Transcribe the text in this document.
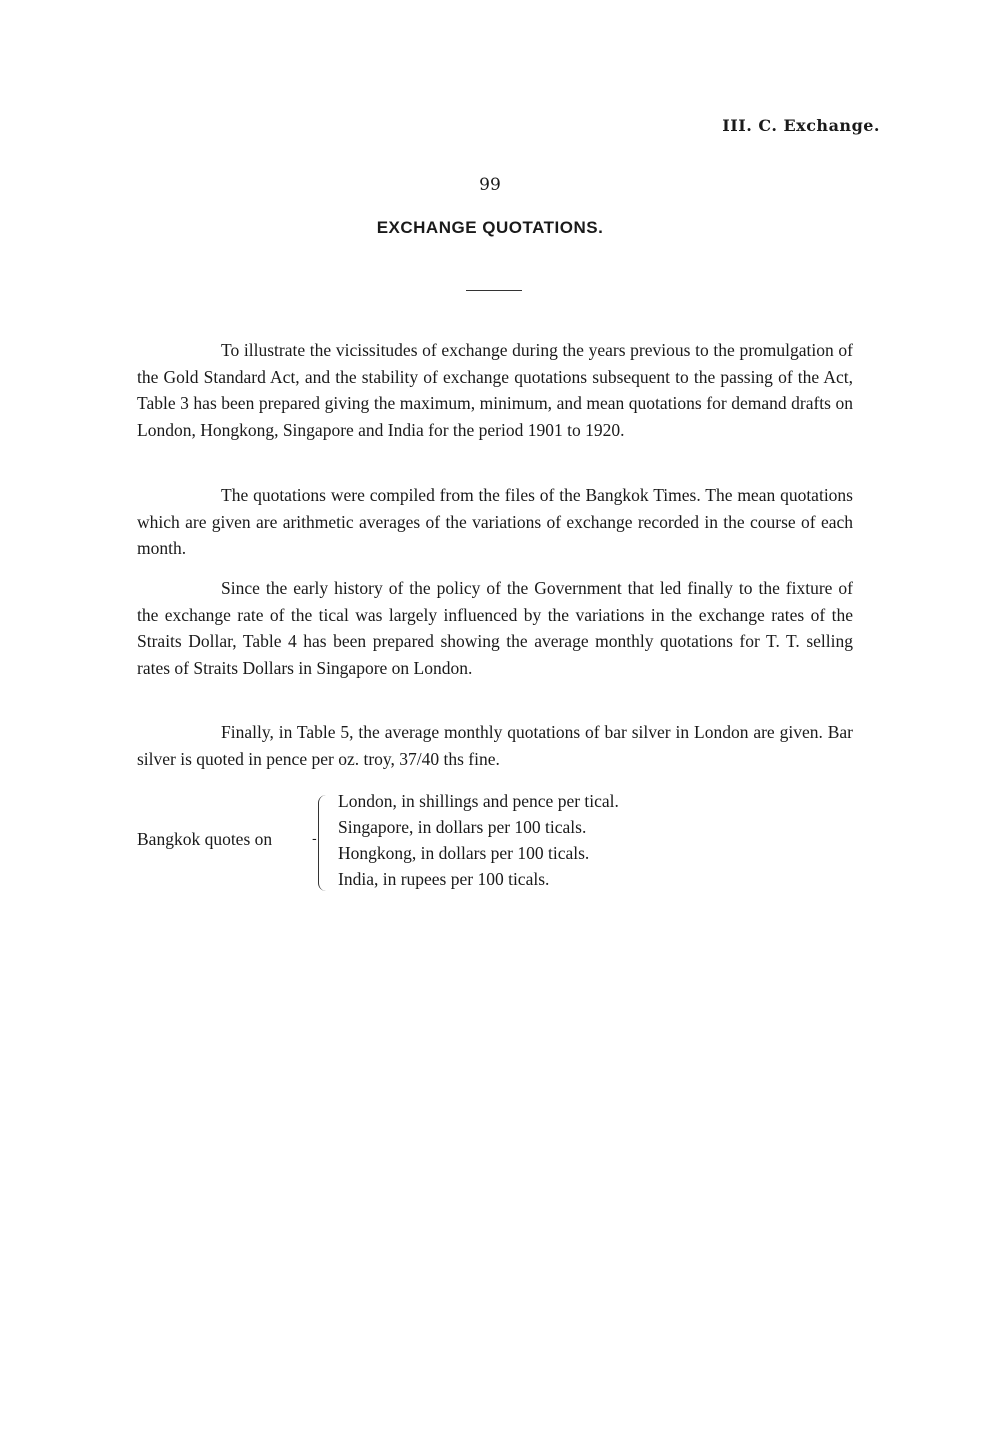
III. C. Exchange.
99
EXCHANGE QUOTATIONS.

To illustrate the vicissitudes of exchange during the years previous to the promulgation of the Gold Standard Act, and the stability of exchange quotations subsequent to the passing of the Act, Table 3 has been prepared giving the maximum, minimum, and mean quotations for demand drafts on London, Hongkong, Singapore and India for the period 1901 to 1920.

The quotations were compiled from the files of the Bangkok Times. The mean quotations which are given are arithmetic averages of the variations of exchange recorded in the course of each month.

Since the early history of the policy of the Government that led finally to the fixture of the exchange rate of the tical was largely influenced by the variations in the exchange rates of the Straits Dollar, Table 4 has been prepared showing the average monthly quotations for T. T. selling rates of Straits Dollars in Singapore on London.

Finally, in Table 5, the average monthly quotations of bar silver in London are given. Bar silver is quoted in pence per oz. troy, 37/40 ths fine.

Bangkok quotes on	-
London, in shillings and pence per tical.
Singapore, in dollars per 100 ticals.
Hongkong, in dollars per 100 ticals.
India, in rupees per 100 ticals.
